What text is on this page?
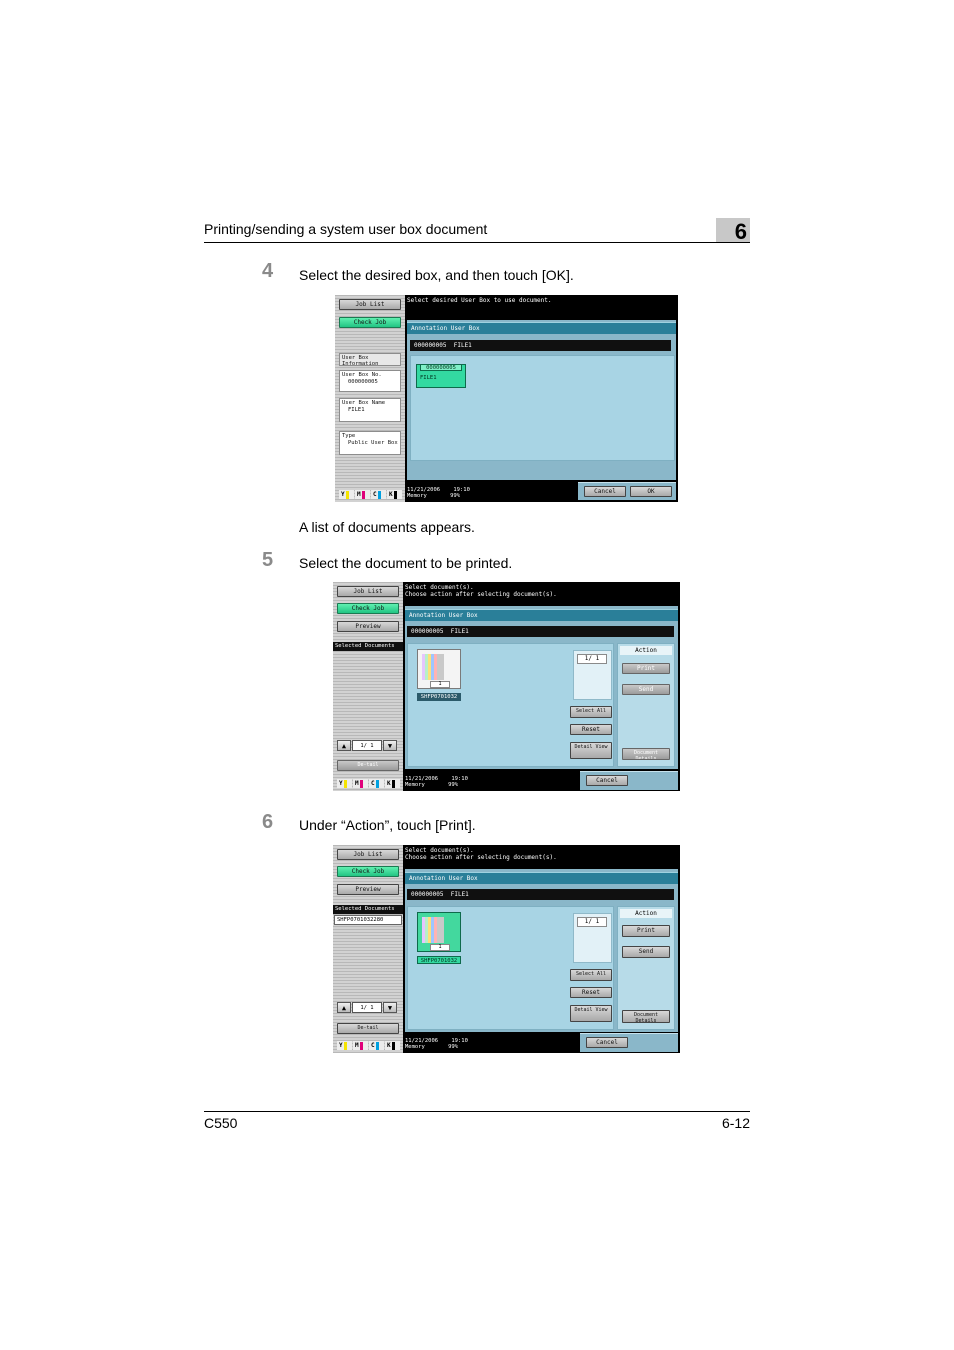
Printing/sending a system user box document	6
4 Select the desired box, and then touch [OK].
Job List
Check Job
User Box Information
User Box No.
000000005
User Box Name
FILE1
Type
Public User Box
Y M C K
Select desired User Box to use document.
Annotation User Box
000000005  FILE1
000000005
FILE1
11/21/2006 19:10
Memory	99%
Cancel	OK
A list of documents appears.
5 Select the document to be printed.
Job List
Check Job
Preview
Selected Documents
▲	1/ 1	▼
De-tail
Y M C K
Select document(s).
Choose action after selecting document(s).
Annotation User Box
000000005  FILE1
1
SHFP0701032
1/ 1
Select All
Reset
Detail View
Action
Print
Send
Document Details
11/21/2006 19:10
Memory	99%
Cancel
6 Under “Action”, touch [Print].
Job List
Check Job
Preview
Selected Documents
SHFP0701032280
▲	1/ 1	▼
De-tail
Y M C K
Select document(s).
Choose action after selecting document(s).
Annotation User Box
000000005  FILE1
1
SHFP0701032
1/ 1
Select All
Reset
Detail View
Action
Print
Send
Document Details
11/21/2006 19:10
Memory	99%
Cancel
C550	6-12
